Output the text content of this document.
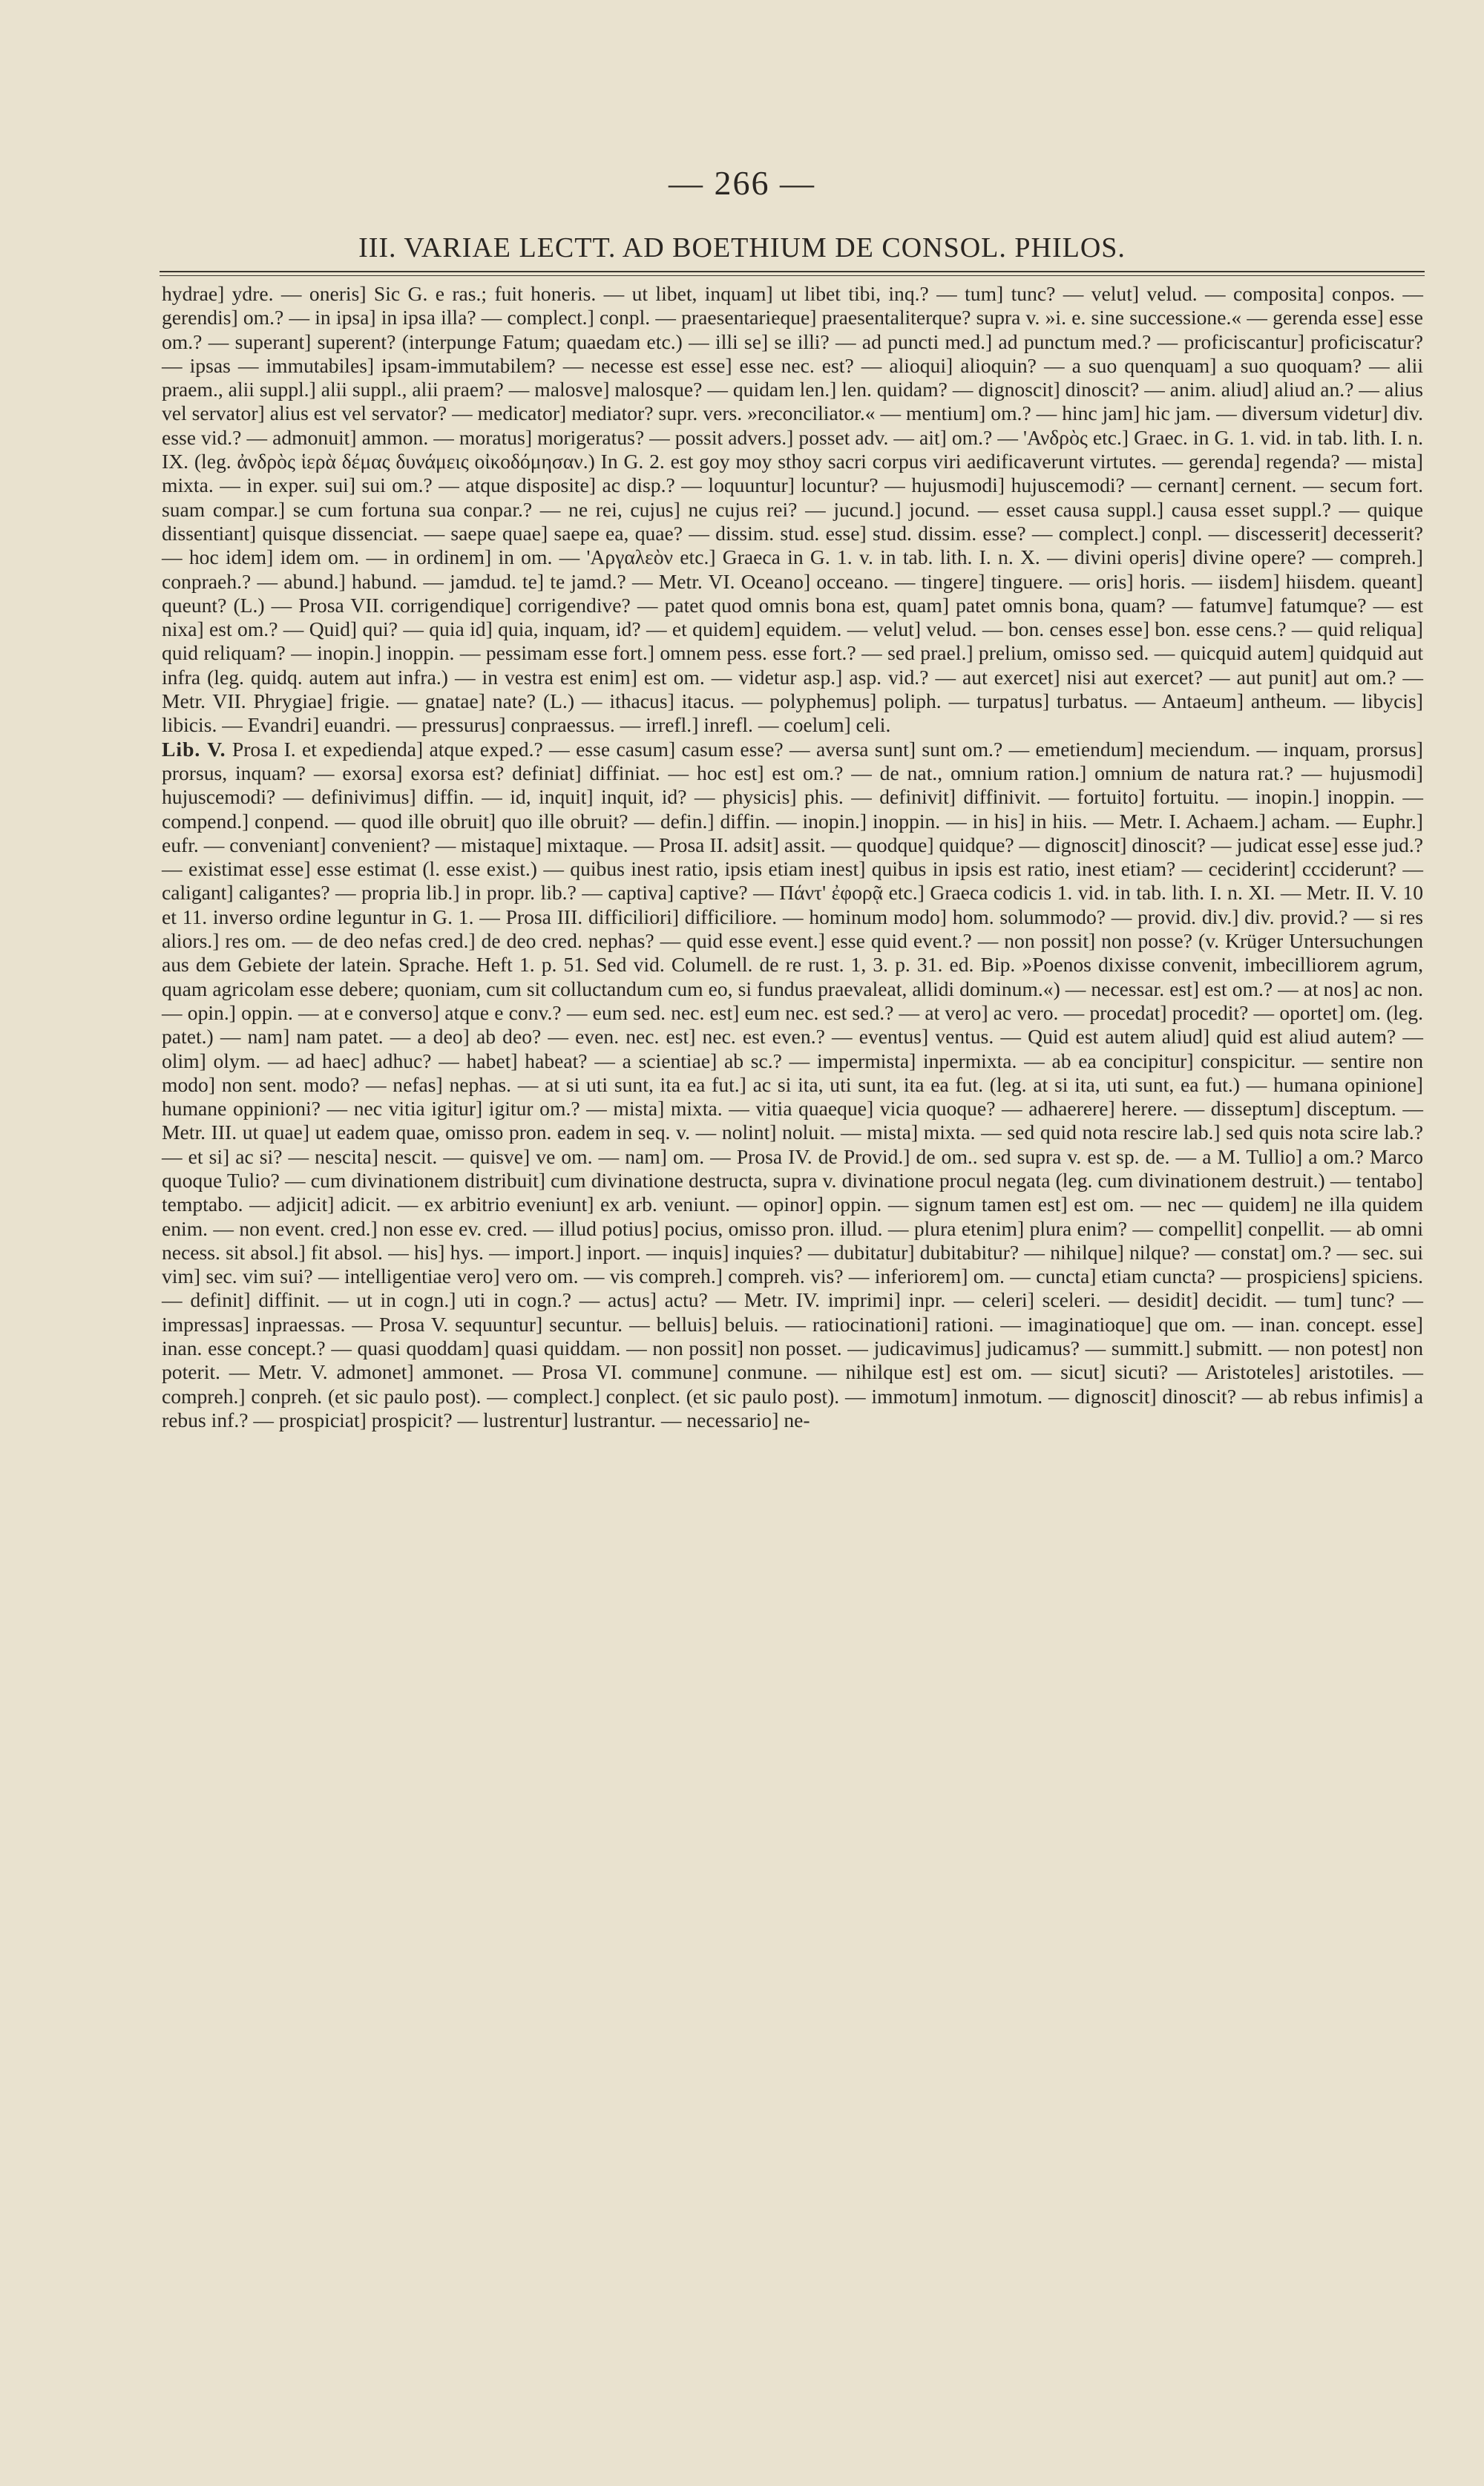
— 266 —
III. VARIAE LECTT. AD BOETHIUM DE CONSOL. PHILOS.

hydrae] ydre. — oneris] Sic G. e ras.; fuit honeris. — ut libet, inquam] ut libet tibi, inq.? — tum] tunc? — velut] velud. — composita] conpos. — gerendis] om.? — in ipsa] in ipsa illa? — complect.] conpl. — praesentarieque] praesentaliterque? supra v. »i. e. sine successione.« — gerenda esse] esse om.? — superant] superent? (interpunge Fatum; quaedam etc.) — illi se] se illi? — ad puncti med.] ad punctum med.? — proficiscantur] proficiscatur? — ipsas — immutabiles] ipsam-immutabilem? — necesse est esse] esse nec. est? — alioqui] alioquin? — a suo quenquam] a suo quoquam? — alii praem., alii suppl.] alii suppl., alii praem? — malosve] malosque? — quidam len.] len. quidam? — dignoscit] dinoscit? — anim. aliud] aliud an.? — alius vel servator] alius est vel servator? — medicator] mediator? supr. vers. »reconciliator.« — mentium] om.? — hinc jam] hic jam. — diversum videtur] div. esse vid.? — admonuit] ammon. — moratus] morigeratus? — possit advers.] posset adv. — ait] om.? — 'Ανδρὸς etc.] Graec. in G. 1. vid. in tab. lith. I. n. IX. (leg. ἀνδρὸς ἱερὰ δέμας δυνάμεις οἰκοδόμησαν.) In G. 2. est goy moy sthoy sacri corpus viri aedificaverunt virtutes. — gerenda] regenda? — mista] mixta. — in exper. sui] sui om.? — atque disposite] ac disp.? — loquuntur] locuntur? — hujusmodi] hujuscemodi? — cernant] cernent. — secum fort. suam compar.] se cum fortuna sua conpar.? — ne rei, cujus] ne cujus rei? — jucund.] jocund. — esset causa suppl.] causa esset suppl.? — quique dissentiant] quisque dissenciat. — saepe quae] saepe ea, quae? — dissim. stud. esse] stud. dissim. esse? — complect.] conpl. — discesserit] decesserit? — hoc idem] idem om. — in ordinem] in om. — 'Αργαλεὸν etc.] Graeca in G. 1. v. in tab. lith. I. n. X. — divini operis] divine opere? — compreh.] conpraeh.? — abund.] habund. — jamdud. te] te jamd.? — Metr. VI. Oceano] occeano. — tingere] tinguere. — oris] horis. — iisdem] hiisdem. queant] queunt? (L.) — Prosa VII. corrigendique] corrigendive? — patet quod omnis bona est, quam] patet omnis bona, quam? — fatumve] fatumque? — est nixa] est om.? — Quid] qui? — quia id] quia, inquam, id? — et quidem] equidem. — velut] velud. — bon. censes esse] bon. esse cens.? — quid reliqua] quid reliquam? — inopin.] inoppin. — pessimam esse fort.] omnem pess. esse fort.? — sed prael.] prelium, omisso sed. — quicquid autem] quidquid aut infra (leg. quidq. autem aut infra.) — in vestra est enim] est om. — videtur asp.] asp. vid.? — aut exercet] nisi aut exercet? — aut punit] aut om.? — Metr. VII. Phrygiae] frigie. — gnatae] nate? (L.) — ithacus] itacus. — polyphemus] poliph. — turpatus] turbatus. — Antaeum] antheum. — libycis] libicis. — Evandri] euandri. — pressurus] conpraessus. — irrefl.] inrefl. — coelum] celi.

Lib. V. Prosa I. et expedienda] atque exped.? — esse casum] casum esse? — aversa sunt] sunt om.? — emetiendum] meciendum. — inquam, prorsus] prorsus, inquam? — exorsa] exorsa est? definiat] diffiniat. — hoc est] est om.? — de nat., omnium ration.] omnium de natura rat.? — hujusmodi] hujuscemodi? — definivimus] diffin. — id, inquit] inquit, id? — physicis] phis. — definivit] diffinivit. — fortuito] fortuitu. — inopin.] inoppin. — compend.] conpend. — quod ille obruit] quo ille obruit? — defin.] diffin. — inopin.] inoppin. — in his] in hiis. — Metr. I. Achaem.] acham. — Euphr.] eufr. — conveniant] convenient? — mistaque] mixtaque. — Prosa II. adsit] assit. — quodque] quidque? — dignoscit] dinoscit? — judicat esse] esse jud.? — existimat esse] esse estimat (l. esse exist.) — quibus inest ratio, ipsis etiam inest] quibus in ipsis est ratio, inest etiam? — ceciderint] ccciderunt? — caligant] caligantes? — propria lib.] in propr. lib.? — captiva] captive? — Πάντ' ἐφορᾷ etc.] Graeca codicis 1. vid. in tab. lith. I. n. XI. — Metr. II. V. 10 et 11. inverso ordine leguntur in G. 1. — Prosa III. difficiliori] difficiliore. — hominum modo] hom. solummodo? — provid. div.] div. provid.? — si res aliors.] res om. — de deo nefas cred.] de deo cred. nephas? — quid esse event.] esse quid event.? — non possit] non posse? (v. Krüger Untersuchungen aus dem Gebiete der latein. Sprache. Heft 1. p. 51. Sed vid. Columell. de re rust. 1, 3. p. 31. ed. Bip. »Poenos dixisse convenit, imbecilliorem agrum, quam agricolam esse debere; quoniam, cum sit colluctandum cum eo, si fundus praevaleat, allidi dominum.«) — necessar. est] est om.? — at nos] ac non. — opin.] oppin. — at e converso] atque e conv.? — eum sed. nec. est] eum nec. est sed.? — at vero] ac vero. — procedat] procedit? — oportet] om. (leg. patet.) — nam] nam patet. — a deo] ab deo? — even. nec. est] nec. est even.? — eventus] ventus. — Quid est autem aliud] quid est aliud autem? — olim] olym. — ad haec] adhuc? — habet] habeat? — a scientiae] ab sc.? — impermista] inpermixta. — ab ea concipitur] conspicitur. — sentire non modo] non sent. modo? — nefas] nephas. — at si uti sunt, ita ea fut.] ac si ita, uti sunt, ita ea fut. (leg. at si ita, uti sunt, ea fut.) — humana opinione] humane oppinioni? — nec vitia igitur] igitur om.? — mista] mixta. — vitia quaeque] vicia quoque? — adhaerere] herere. — disseptum] disceptum. — Metr. III. ut quae] ut eadem quae, omisso pron. eadem in seq. v. — nolint] noluit. — mista] mixta. — sed quid nota rescire lab.] sed quis nota scire lab.? — et si] ac si? — nescita] nescit. — quisve] ve om. — nam] om. — Prosa IV. de Provid.] de om.. sed supra v. est sp. de. — a M. Tullio] a om.? Marco quoque Tulio? — cum divinationem distribuit] cum divinatione destructa, supra v. divinatione procul negata (leg. cum divinationem destruit.) — tentabo] temptabo. — adjicit] adicit. — ex arbitrio eveniunt] ex arb. veniunt. — opinor] oppin. — signum tamen est] est om. — nec — quidem] ne illa quidem enim. — non event. cred.] non esse ev. cred. — illud potius] pocius, omisso pron. illud. — plura etenim] plura enim? — compellit] conpellit. — ab omni necess. sit absol.] fit absol. — his] hys. — import.] inport. — inquis] inquies? — dubitatur] dubitabitur? — nihilque] nilque? — constat] om.? — sec. sui vim] sec. vim sui? — intelligentiae vero] vero om. — vis compreh.] compreh. vis? — inferiorem] om. — cuncta] etiam cuncta? — prospiciens] spiciens. — definit] diffinit. — ut in cogn.] uti in cogn.? — actus] actu? — Metr. IV. imprimi] inpr. — celeri] sceleri. — desidit] decidit. — tum] tunc? — impressas] inpraessas. — Prosa V. sequuntur] secuntur. — belluis] beluis. — ratiocinationi] rationi. — imaginatioque] que om. — inan. concept. esse] inan. esse concept.? — quasi quoddam] quasi quiddam. — non possit] non posset. — judicavimus] judicamus? — summitt.] submitt. — non potest] non poterit. — Metr. V. admonet] ammonet. — Prosa VI. commune] conmune. — nihilque est] est om. — sicut] sicuti? — Aristoteles] aristotiles. — compreh.] conpreh. (et sic paulo post). — complect.] conplect. (et sic paulo post). — immotum] inmotum. — dignoscit] dinoscit? — ab rebus infimis] a rebus inf.? — prospiciat] prospicit? — lustrentur] lustrantur. — necessario] ne-
